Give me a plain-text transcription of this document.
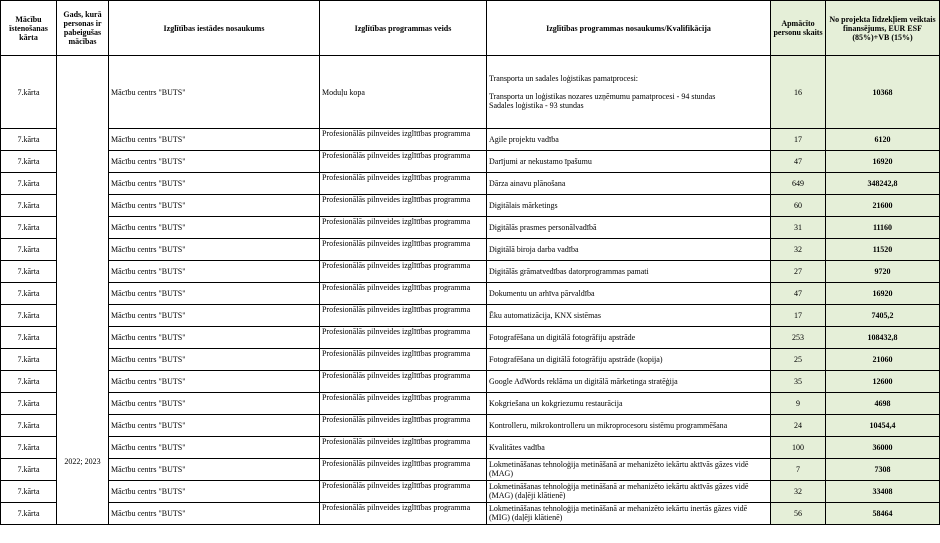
Mācību īstenošanas kārta	Gads, kurā personas ir pabeigušas mācības	Izglītības iestādes nosaukums	Izglītības programmas veids	Izglītības programmas nosaukums/Kvalifikācija	Apmācīto personu skaits	No projekta līdzekļiem veiktais finansējums, EUR ESF (85%)+VB (15%)
7.kārta	2022; 2023	Mācību centrs "BUTS"	Moduļu kopa	Transporta un sadales loģistikas pamatprocesi:
Transporta un loģistikas nozares uzņēmumu pamatprocesi - 94 stundas
Sadales loģistika - 93 stundas	16	10368
7.kārta		Mācību centrs "BUTS"	Profesionālās pilnveides izglītības programma	Agile projektu vadība	17	6120
7.kārta		Mācību centrs "BUTS"	Profesionālās pilnveides izglītības programma	Darījumi ar nekustamo īpašumu	47	16920
7.kārta		Mācību centrs "BUTS"	Profesionālās pilnveides izglītības programma	Dārza ainavu plānošana	649	348242,8
7.kārta		Mācību centrs "BUTS"	Profesionālās pilnveides izglītības programma	Digitālais mārketings	60	21600
7.kārta		Mācību centrs "BUTS"	Profesionālās pilnveides izglītības programma	Digitālās prasmes personālvadībā	31	11160
7.kārta		Mācību centrs "BUTS"	Profesionālās pilnveides izglītības programma	Digitālā biroja darba vadība	32	11520
7.kārta		Mācību centrs "BUTS"	Profesionālās pilnveides izglītības programma	Digitālās grāmatvedības datorprogrammas pamati	27	9720
7.kārta		Mācību centrs "BUTS"	Profesionālās pilnveides izglītības programma	Dokumentu un arhīva pārvaldība	47	16920
7.kārta		Mācību centrs "BUTS"	Profesionālās pilnveides izglītības programma	Ēku automatizācija, KNX sistēmas	17	7405,2
7.kārta		Mācību centrs "BUTS"	Profesionālās pilnveides izglītības programma	Fotografēšana un digitālā fotogrāfiju apstrāde	253	108432,8
7.kārta		Mācību centrs "BUTS"	Profesionālās pilnveides izglītības programma	Fotografēšana un digitālā fotogrāfiju apstrāde (kopija)	25	21060
7.kārta		Mācību centrs "BUTS"	Profesionālās pilnveides izglītības programma	Google AdWords reklāma un digitālā mārketinga stratēģija	35	12600
7.kārta		Mācību centrs "BUTS"	Profesionālās pilnveides izglītības programma	Kokgriešana un kokgriezumu restaurācija	9	4698
7.kārta		Mācību centrs "BUTS"	Profesionālās pilnveides izglītības programma	Kontrolleru, mikrokontrolleru un mikroprocesoru sistēmu programmēšana	24	10454,4
7.kārta		Mācību centrs "BUTS"	Profesionālās pilnveides izglītības programma	Kvalitātes vadība	100	36000
7.kārta		Mācību centrs "BUTS"	Profesionālās pilnveides izglītības programma	Lokmetināšanas tehnoloģija metināšanā ar mehanizēto iekārtu aktīvās gāzes vidē (MAG)	7	7308
7.kārta		Mācību centrs "BUTS"	Profesionālās pilnveides izglītības programma	Lokmetināšanas tehnoloģija metināšanā ar mehanizēto iekārtu aktīvās gāzes vidē (MAG) (daļēji klātienē)	32	33408
7.kārta		Mācību centrs "BUTS"	Profesionālās pilnveides izglītības programma	Lokmetināšanas tehnoloģija metināšanā ar mehanizēto iekārtu inertās gāzes vidē (MIG) (daļēji klātienē)	56	58464
